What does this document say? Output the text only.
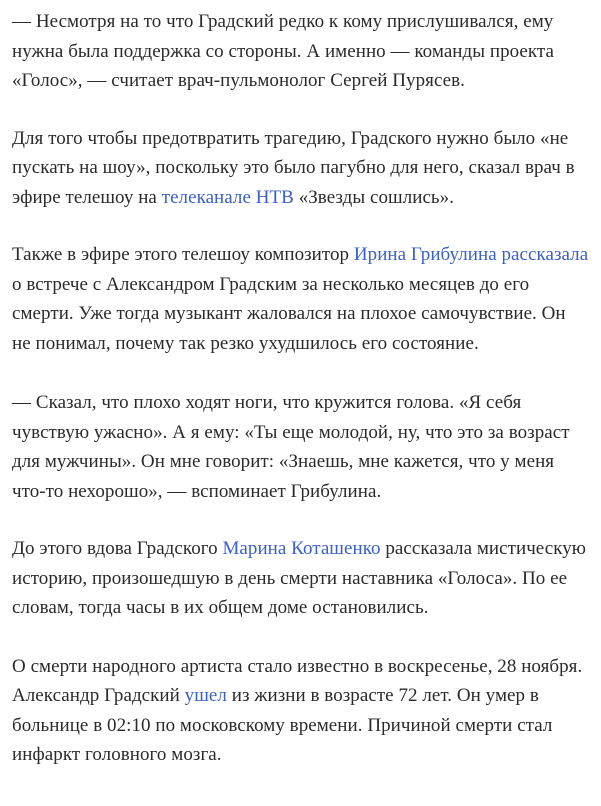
— Несмотря на то что Градский редко к кому прислушивался, ему нужна была поддержка со стороны. А именно — команды проекта «Голос», — считает врач-пульмонолог Сергей Пурясев.

Для того чтобы предотвратить трагедию, Градского нужно было «не пускать на шоу», поскольку это было пагубно для него, сказал врач в эфире телешоу на телеканале НТВ «Звезды сошлись».

Также в эфире этого телешоу композитор Ирина Грибулина рассказала о встрече с Александром Градским за несколько месяцев до его смерти. Уже тогда музыкант жаловался на плохое самочувствие. Он не понимал, почему так резко ухудшилось его состояние.

— Сказал, что плохо ходят ноги, что кружится голова. «Я себя чувствую ужасно». А я ему: «Ты еще молодой, ну, что это за возраст для мужчины». Он мне говорит: «Знаешь, мне кажется, что у меня что-то нехорошо», — вспоминает Грибулина.

До этого вдова Градского Марина Коташенко рассказала мистическую историю, произошедшую в день смерти наставника «Голоса». По ее словам, тогда часы в их общем доме остановились.

О смерти народного артиста стало известно в воскресенье, 28 ноября. Александр Градский ушел из жизни в возрасте 72 лет. Он умер в больнице в 02:10 по московскому времени. Причиной смерти стал инфаркт головного мозга.
